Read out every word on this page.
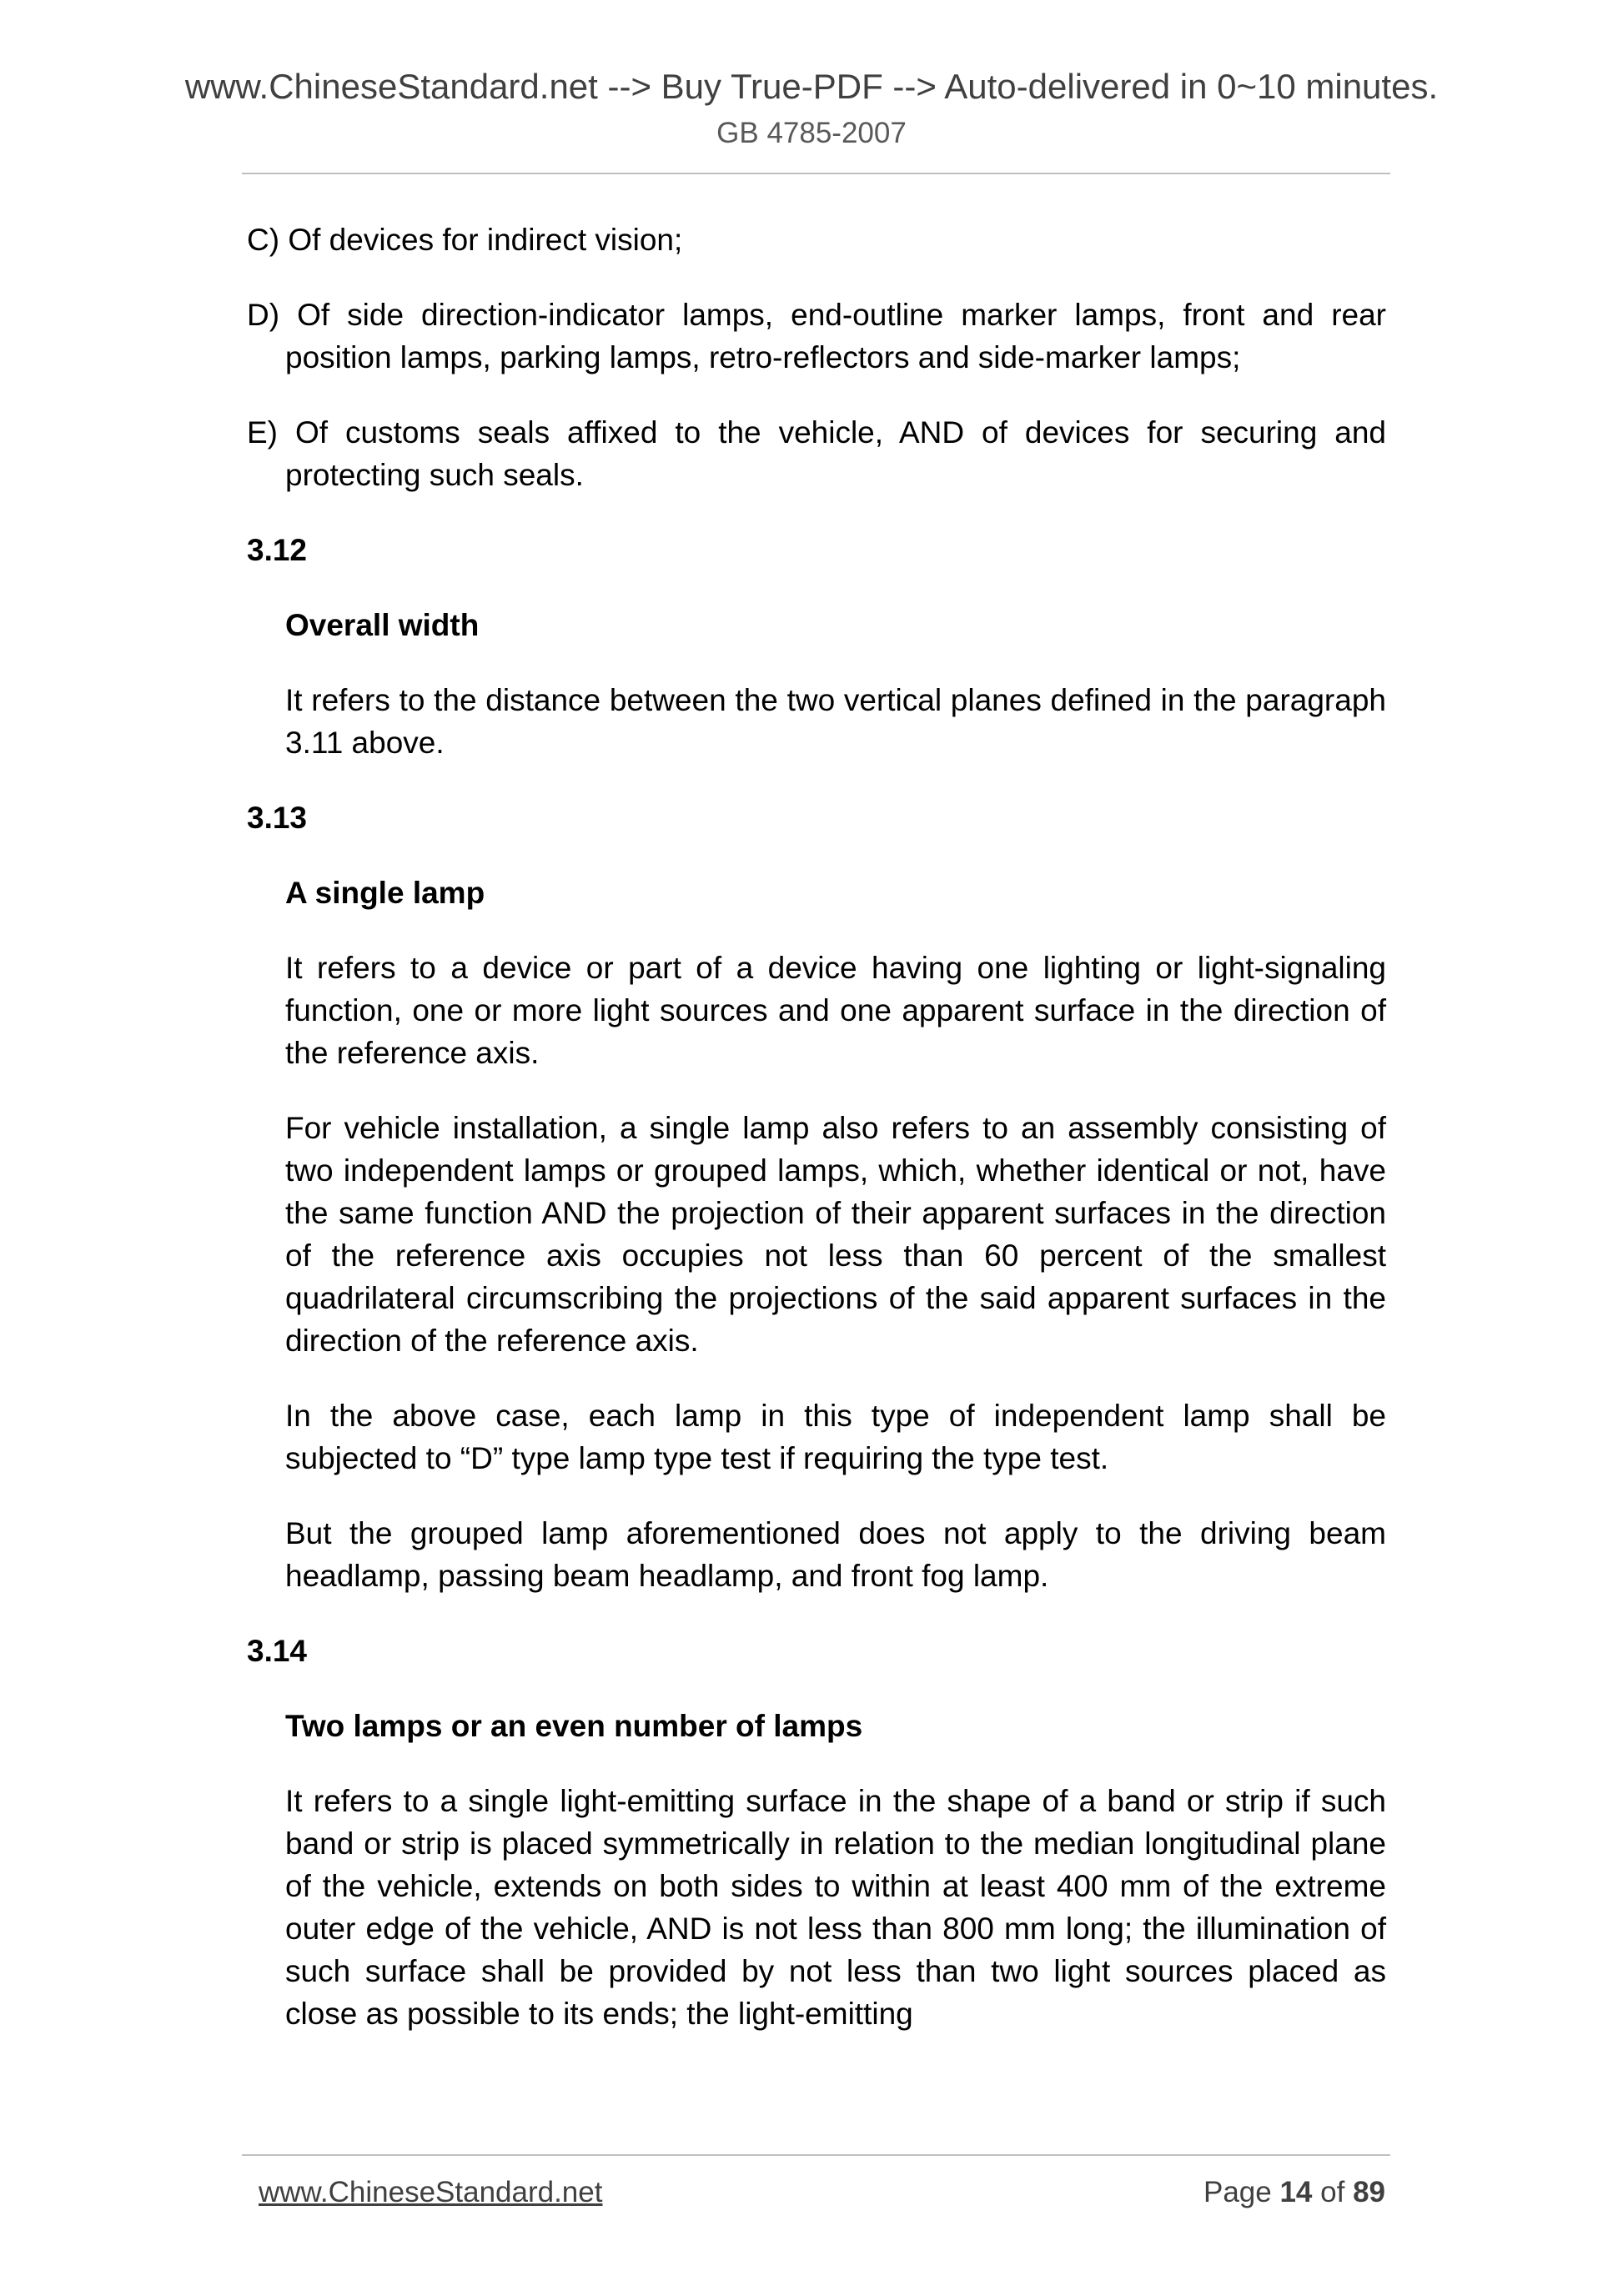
www.ChineseStandard.net --> Buy True-PDF --> Auto-delivered in 0~10 minutes.
GB 4785-2007

C) Of devices for indirect vision;

D) Of side direction-indicator lamps, end-outline marker lamps, front and rear position lamps, parking lamps, retro-reflectors and side-marker lamps;

E) Of customs seals affixed to the vehicle, AND of devices for securing and protecting such seals.

3.12

Overall width

It refers to the distance between the two vertical planes defined in the paragraph 3.11 above.

3.13

A single lamp

It refers to a device or part of a device having one lighting or light-signaling function, one or more light sources and one apparent surface in the direction of the reference axis.

For vehicle installation, a single lamp also refers to an assembly consisting of two independent lamps or grouped lamps, which, whether identical or not, have the same function AND the projection of their apparent surfaces in the direction of the reference axis occupies not less than 60 percent of the smallest quadrilateral circumscribing the projections of the said apparent surfaces in the direction of the reference axis.

In the above case, each lamp in this type of independent lamp shall be subjected to “D” type lamp type test if requiring the type test.

But the grouped lamp aforementioned does not apply to the driving beam headlamp, passing beam headlamp, and front fog lamp.

3.14

Two lamps or an even number of lamps

It refers to a single light-emitting surface in the shape of a band or strip if such band or strip is placed symmetrically in relation to the median longitudinal plane of the vehicle, extends on both sides to within at least 400 mm of the extreme outer edge of the vehicle, AND is not less than 800 mm long; the illumination of such surface shall be provided by not less than two light sources placed as close as possible to its ends; the light-emitting

www.ChineseStandard.net	Page 14 of 89
